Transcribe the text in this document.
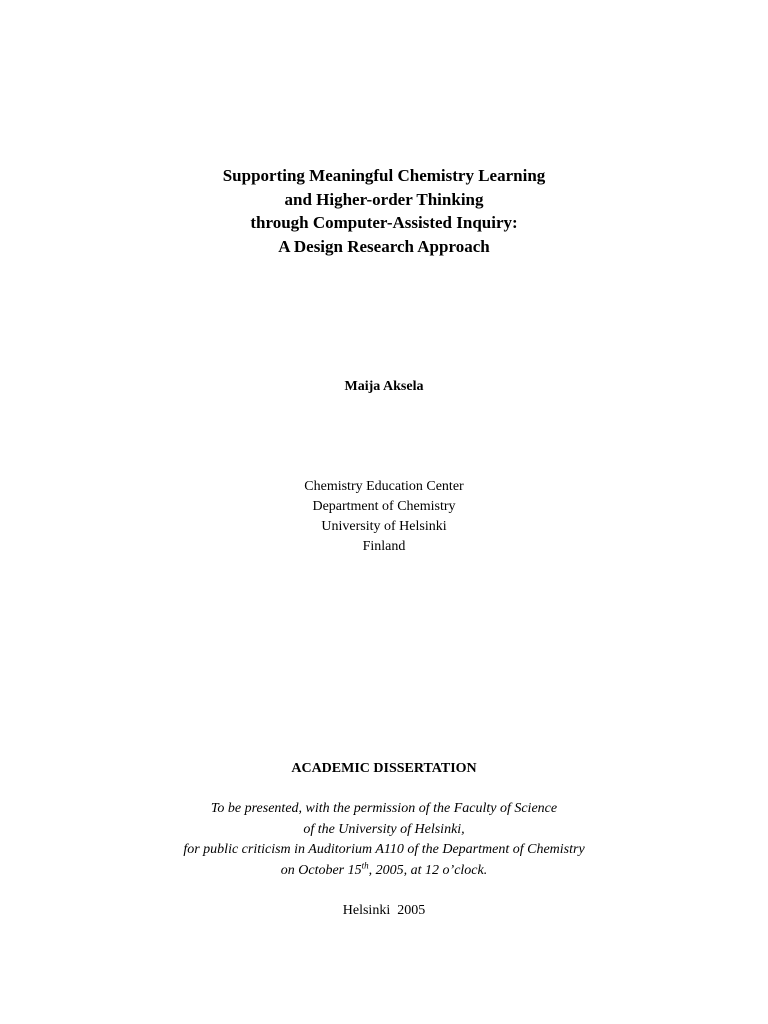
Supporting Meaningful Chemistry Learning
and Higher-order Thinking
through Computer-Assisted Inquiry:
A Design Research Approach
Maija Aksela
Chemistry Education Center
Department of Chemistry
University of Helsinki
Finland
ACADEMIC DISSERTATION
To be presented, with the permission of the Faculty of Science
of the University of Helsinki,
for public criticism in Auditorium A110 of the Department of Chemistry
on October 15th, 2005, at 12 o’clock.
Helsinki  2005
